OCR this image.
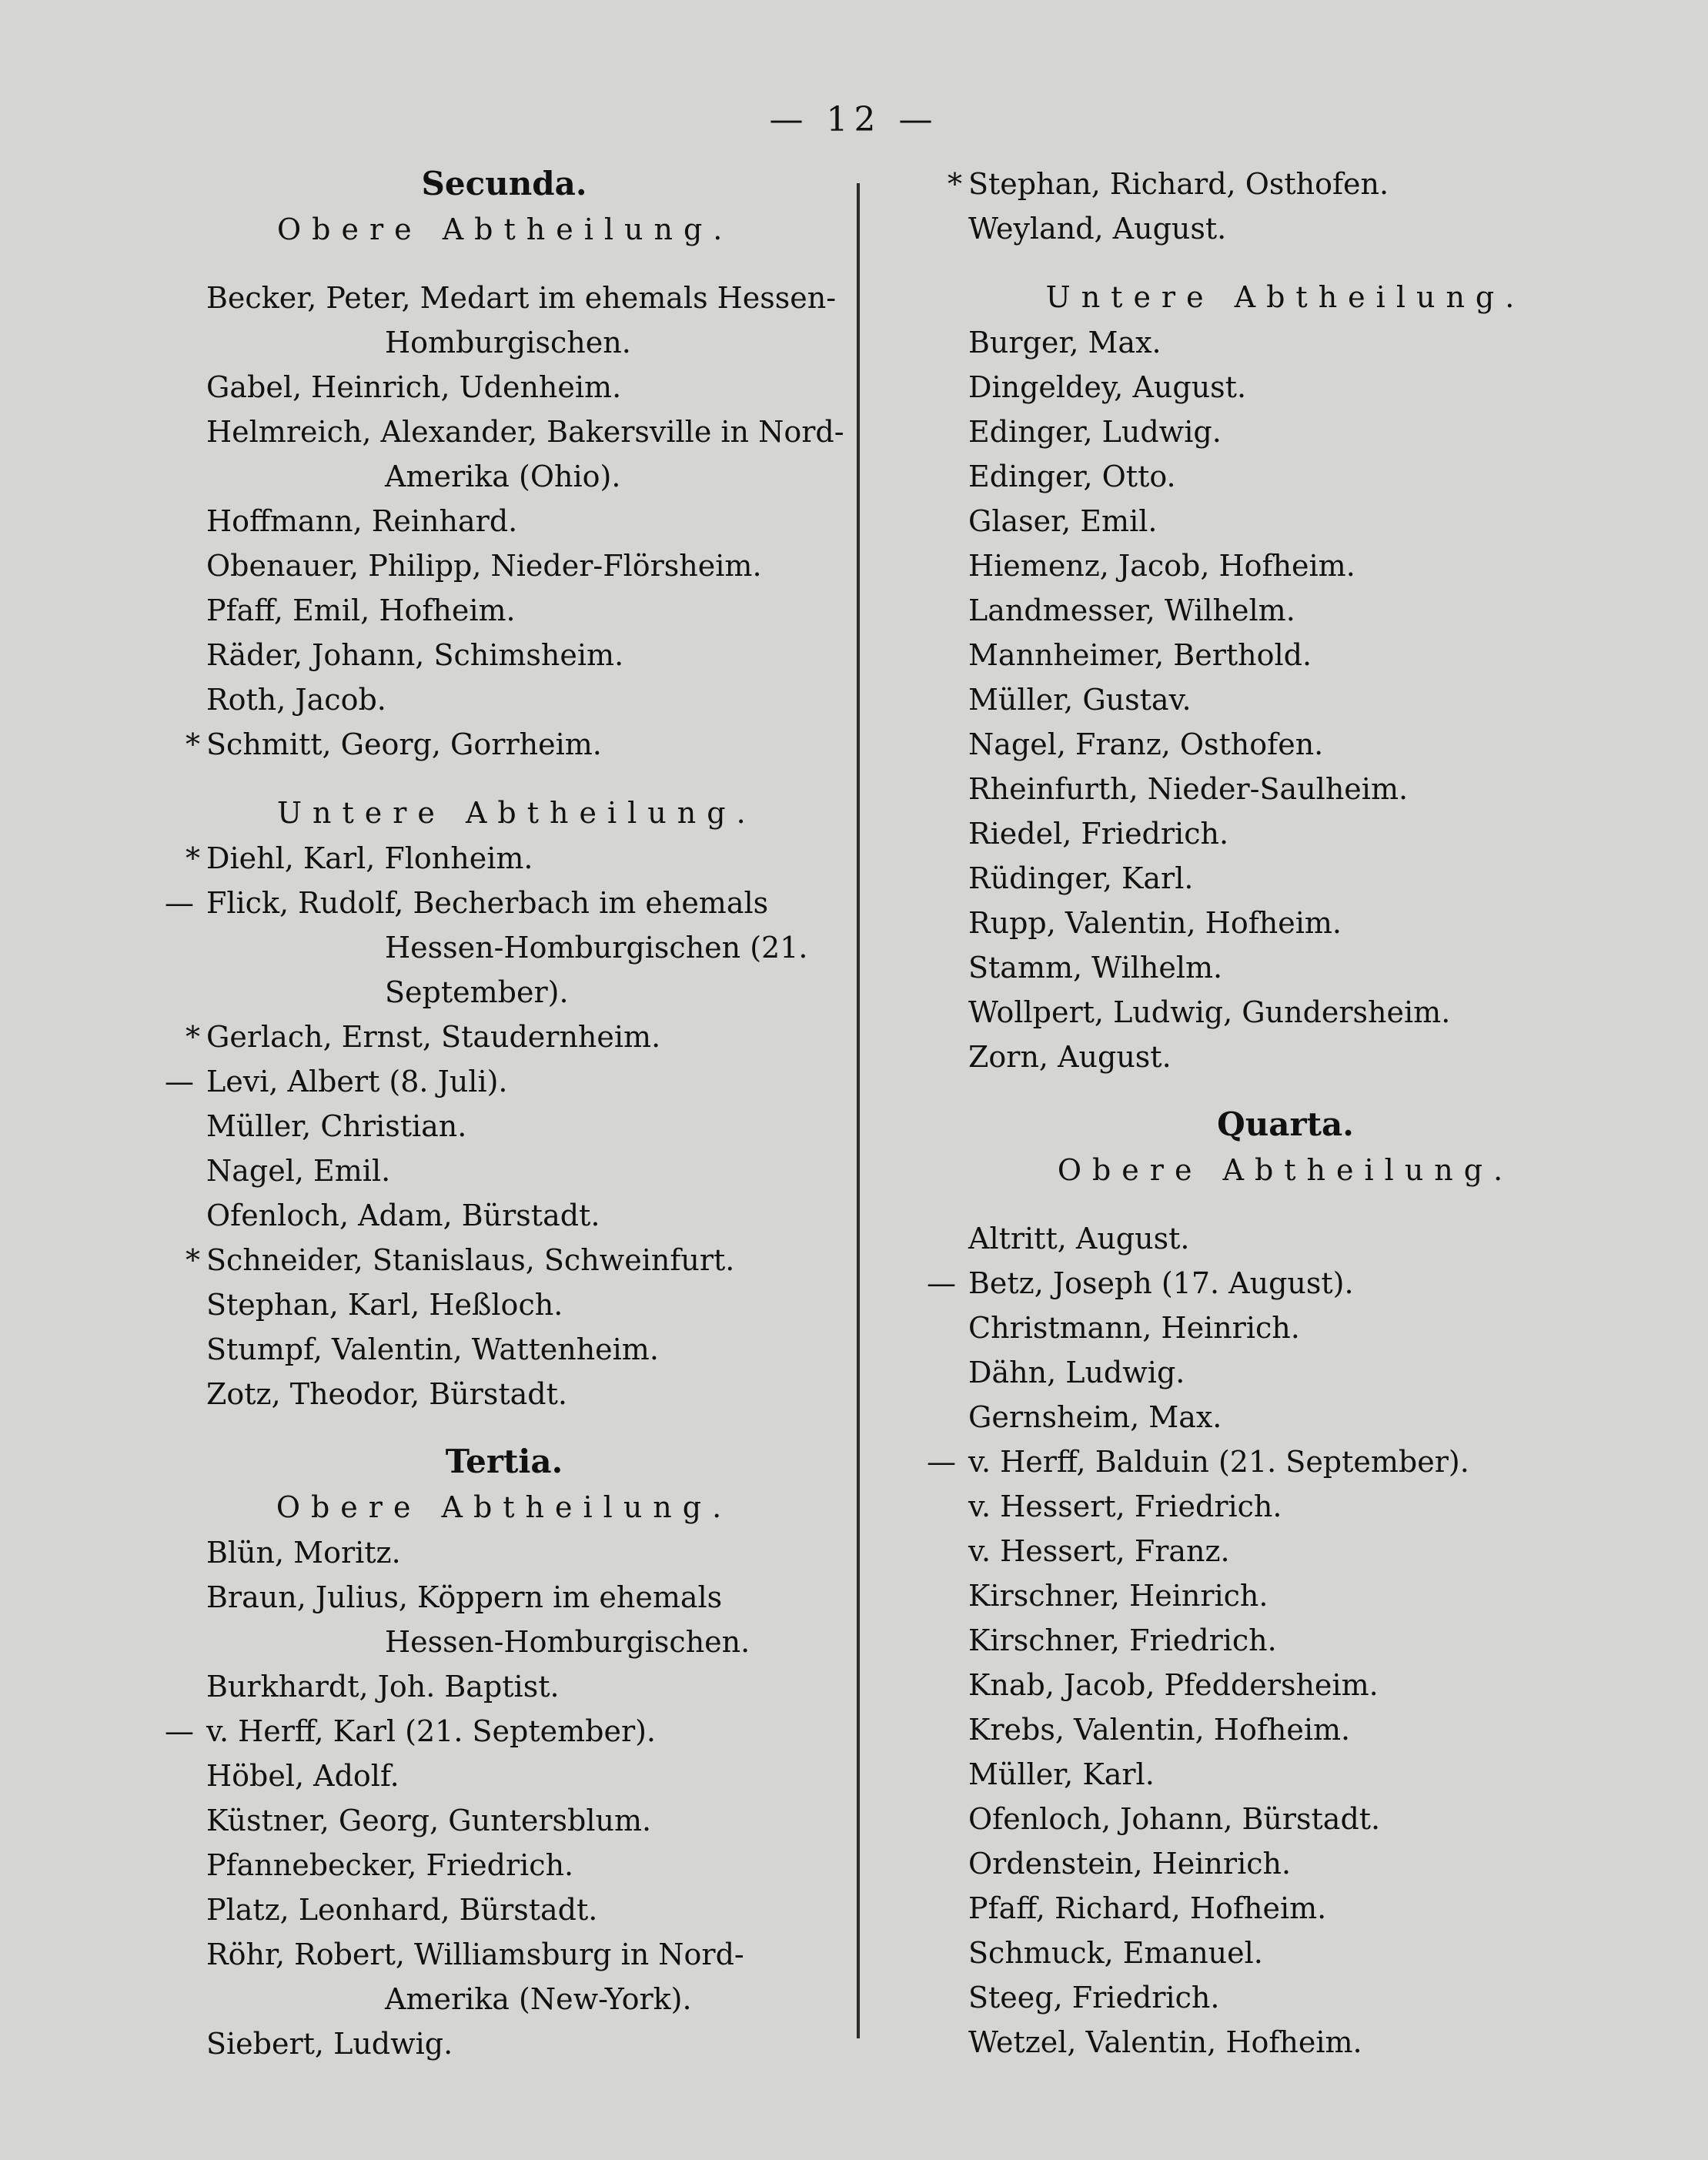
— 12 —
Secunda.
Obere Abtheilung.
Becker, Peter, Medart im ehemals Hessen-
Homburgischen.
Gabel, Heinrich, Udenheim.
Helmreich, Alexander, Bakersville in Nord-
Amerika (Ohio).
Hoffmann, Reinhard.
Obenauer, Philipp, Nieder-Flörsheim.
Pfaff, Emil, Hofheim.
Räder, Johann, Schimsheim.
Roth, Jacob.
* Schmitt, Georg, Gorrheim.
Untere Abtheilung.
* Diehl, Karl, Flonheim.
— Flick, Rudolf, Becherbach im ehemals
Hessen-Homburgischen (21.
September).
* Gerlach, Ernst, Staudernheim.
— Levi, Albert (8. Juli).
Müller, Christian.
Nagel, Emil.
Ofenloch, Adam, Bürstadt.
* Schneider, Stanislaus, Schweinfurt.
Stephan, Karl, Heßloch.
Stumpf, Valentin, Wattenheim.
Zotz, Theodor, Bürstadt.
Tertia.
Obere Abtheilung.
Blün, Moritz.
Braun, Julius, Köppern im ehemals
Hessen-Homburgischen.
Burkhardt, Joh. Baptist.
— v. Herff, Karl (21. September).
Höbel, Adolf.
Küstner, Georg, Guntersblum.
Pfannebecker, Friedrich.
Platz, Leonhard, Bürstadt.
Röhr, Robert, Williamsburg in Nord-
Amerika (New-York).
Siebert, Ludwig.
* Stephan, Richard, Osthofen.
Weyland, August.
Untere Abtheilung.
Burger, Max.
Dingeldey, August.
Edinger, Ludwig.
Edinger, Otto.
Glaser, Emil.
Hiemenz, Jacob, Hofheim.
Landmesser, Wilhelm.
Mannheimer, Berthold.
Müller, Gustav.
Nagel, Franz, Osthofen.
Rheinfurth, Nieder-Saulheim.
Riedel, Friedrich.
Rüdinger, Karl.
Rupp, Valentin, Hofheim.
Stamm, Wilhelm.
Wollpert, Ludwig, Gundersheim.
Zorn, August.
Quarta.
Obere Abtheilung.
Altritt, August.
— Betz, Joseph (17. August).
Christmann, Heinrich.
Dähn, Ludwig.
Gernsheim, Max.
— v. Herff, Balduin (21. September).
v. Hessert, Friedrich.
v. Hessert, Franz.
Kirschner, Heinrich.
Kirschner, Friedrich.
Knab, Jacob, Pfeddersheim.
Krebs, Valentin, Hofheim.
Müller, Karl.
Ofenloch, Johann, Bürstadt.
Ordenstein, Heinrich.
Pfaff, Richard, Hofheim.
Schmuck, Emanuel.
Steeg, Friedrich.
Wetzel, Valentin, Hofheim.
